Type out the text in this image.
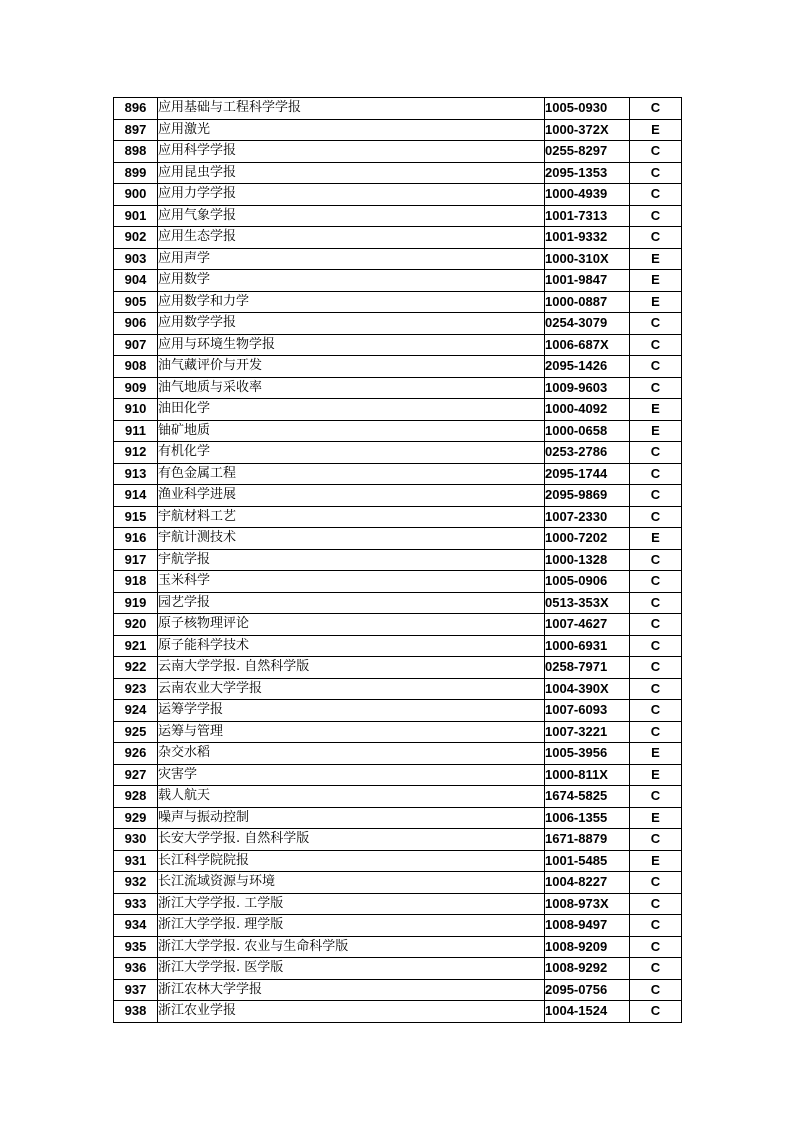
896	应用基础与工程科学学报	1005-0930	C
897	应用激光	1000-372X	E
898	应用科学学报	0255-8297	C
899	应用昆虫学报	2095-1353	C
900	应用力学学报	1000-4939	C
901	应用气象学报	1001-7313	C
902	应用生态学报	1001-9332	C
903	应用声学	1000-310X	E
904	应用数学	1001-9847	E
905	应用数学和力学	1000-0887	E
906	应用数学学报	0254-3079	C
907	应用与环境生物学报	1006-687X	C
908	油气藏评价与开发	2095-1426	C
909	油气地质与采收率	1009-9603	C
910	油田化学	1000-4092	E
911	铀矿地质	1000-0658	E
912	有机化学	0253-2786	C
913	有色金属工程	2095-1744	C
914	渔业科学进展	2095-9869	C
915	宇航材料工艺	1007-2330	C
916	宇航计测技术	1000-7202	E
917	宇航学报	1000-1328	C
918	玉米科学	1005-0906	C
919	园艺学报	0513-353X	C
920	原子核物理评论	1007-4627	C
921	原子能科学技术	1000-6931	C
922	云南大学学报. 自然科学版	0258-7971	C
923	云南农业大学学报	1004-390X	C
924	运筹学学报	1007-6093	C
925	运筹与管理	1007-3221	C
926	杂交水稻	1005-3956	E
927	灾害学	1000-811X	E
928	载人航天	1674-5825	C
929	噪声与振动控制	1006-1355	E
930	长安大学学报. 自然科学版	1671-8879	C
931	长江科学院院报	1001-5485	E
932	长江流域资源与环境	1004-8227	C
933	浙江大学学报. 工学版	1008-973X	C
934	浙江大学学报. 理学版	1008-9497	C
935	浙江大学学报. 农业与生命科学版	1008-9209	C
936	浙江大学学报. 医学版	1008-9292	C
937	浙江农林大学学报	2095-0756	C
938	浙江农业学报	1004-1524	C
